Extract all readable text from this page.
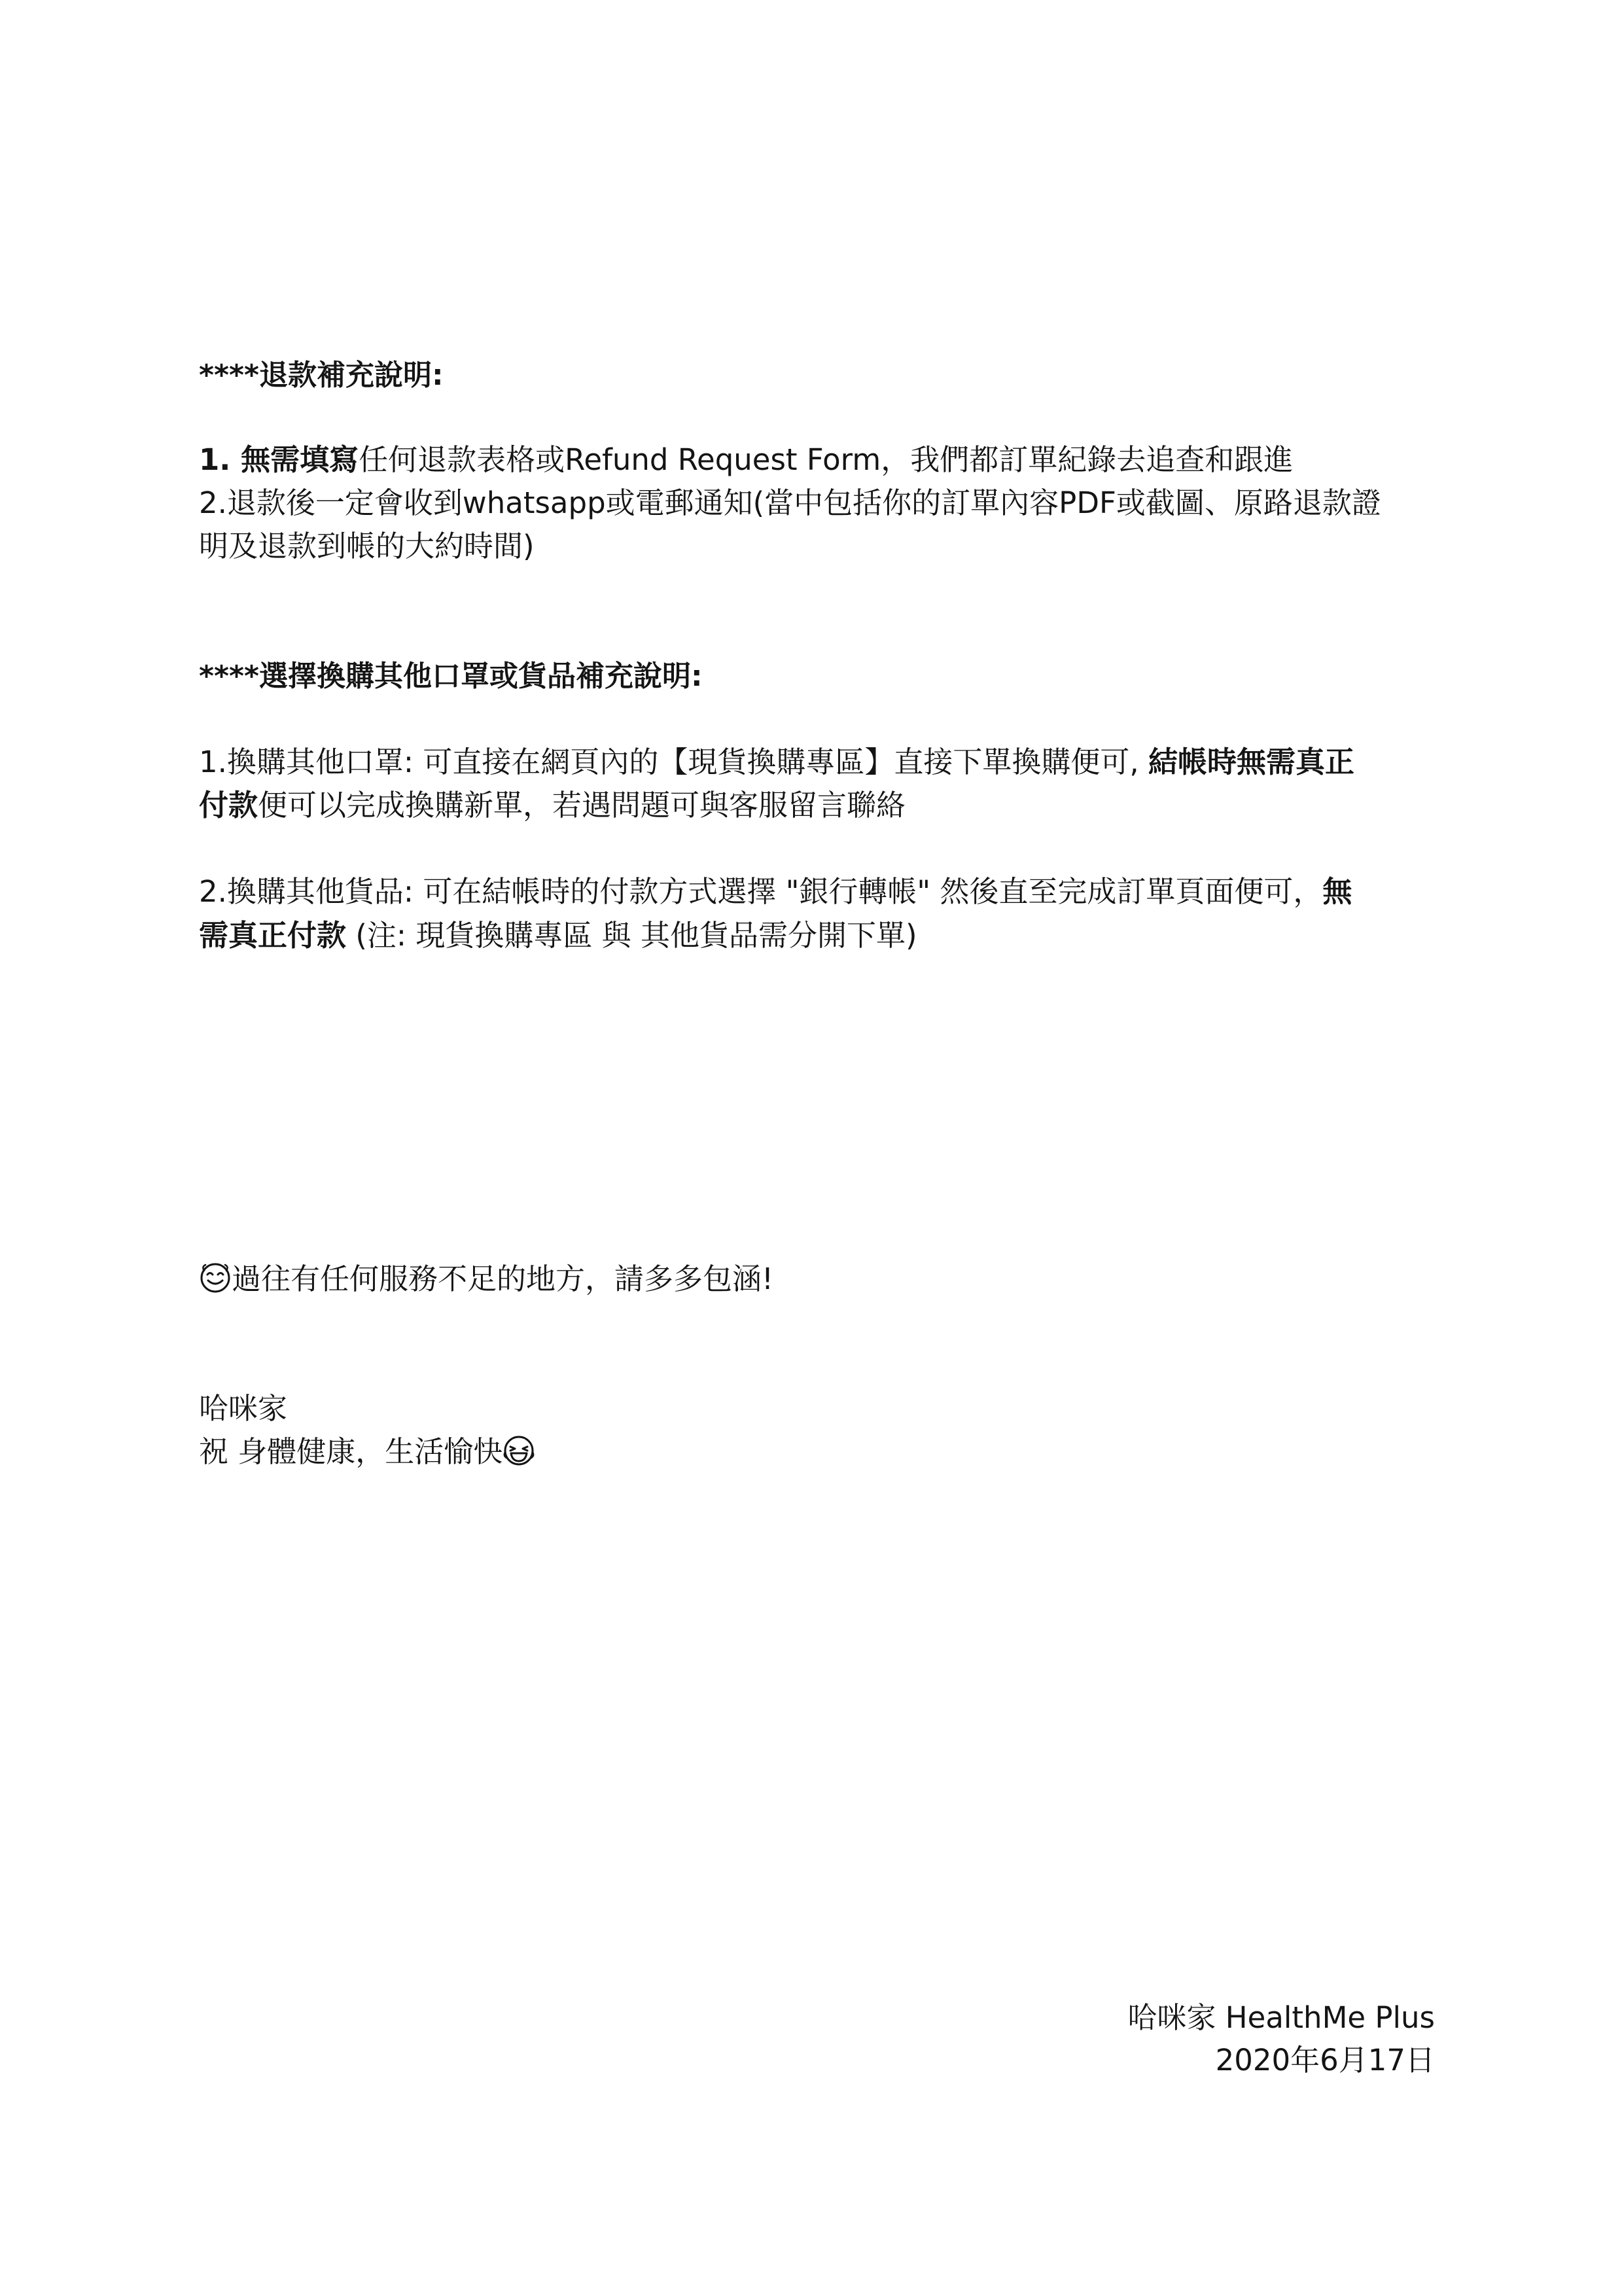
****退款補充說明:
1. 無需填寫任何退款表格或Refund Request Form，我們都訂單紀錄去追查和跟進
2.退款後一定會收到whatsapp或電郵通知(當中包括你的訂單內容PDF或截圖、原路退款證
明及退款到帳的大約時間)
****選擇換購其他口罩或貨品補充說明:
1.換購其他口罩: 可直接在網頁內的【現貨換購專區】直接下單換購便可, 結帳時無需真正
付款便可以完成換購新單，若遇問題可與客服留言聯絡
2.換購其他貨品: 可在結帳時的付款方式選擇 "銀行轉帳" 然後直至完成訂單頁面便可，無
需真正付款 (注: 現貨換購專區 與 其他貨品需分開下單)
過往有任何服務不足的地方，請多多包涵!
哈咪家
祝 身體健康，生活愉快
哈咪家 HealthMe Plus
2020年6月17日
